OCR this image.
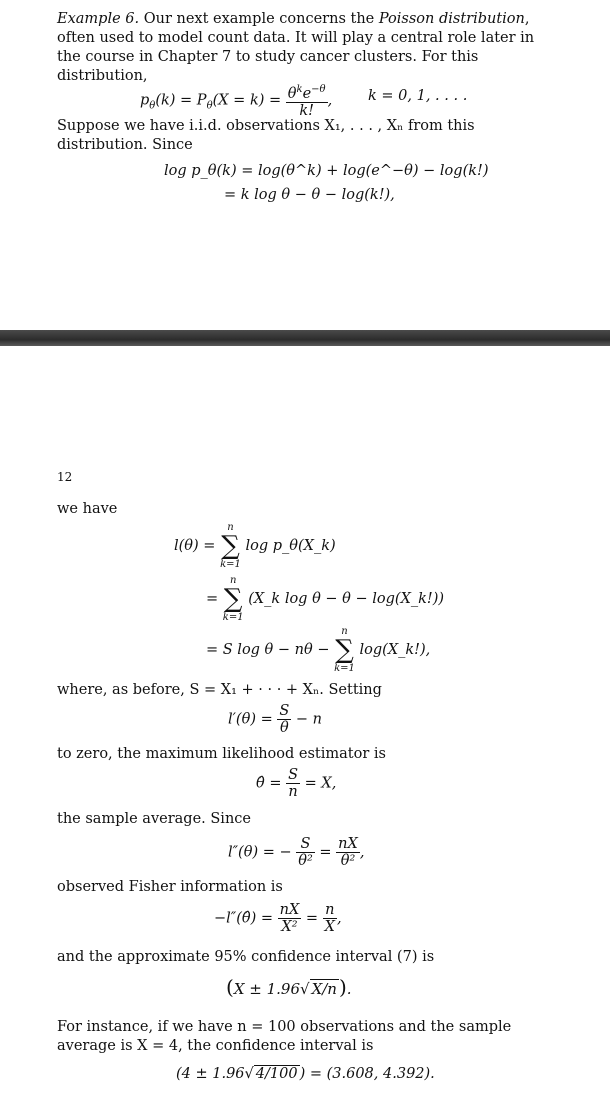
Example 6. Our next example concerns the Poisson distribution, often used to model count data. It will play a central role later in the course in Chapter 7 to study cancer clusters. For this distribution,

$p_\theta(k) = P_\theta(X = k) = \frac{\theta^ke^{-\theta}}{k!}$ , k = 0, 1, . . . .

Suppose we have i.i.d. observations X₁, . . . , Xₙ from this distribution. Since

log p_θ(k) = log(θ^k) + log(e^−θ) − log(k!)
= k log θ − θ − log(k!),
12

we have

l(θ) =
n
∑
k=1
log p_θ(X_k)
=
n
∑
k=1
(X_k log θ − θ − log(X_k!))
= S log θ − nθ −
n
∑
k=1
log(X_k!),

where, as before, S = X₁ + · · · + Xₙ. Setting

$l'(\theta) = \frac{S}{\theta} - n$

to zero, the maximum likelihood estimator is

θ̂ = $\frac{S}{n} = X$,

the sample average. Since

l″(θ) = − $\frac{S}{\text{θ²}} = \frac{nX}{\text{θ²}}$ ,

observed Fisher information is

−l″(θ̂) = $\frac{nX}{\text{X²}} = \frac{n}{X}$ ,

and the approximate 95% confidence interval (7) is

(X ± 1.96√ X/n ).

For instance, if we have n = 100 observations and the sample average is X = 4, the confidence interval is

(4 ± 1.96√ 4/100 ) = (3.608, 4.392).
